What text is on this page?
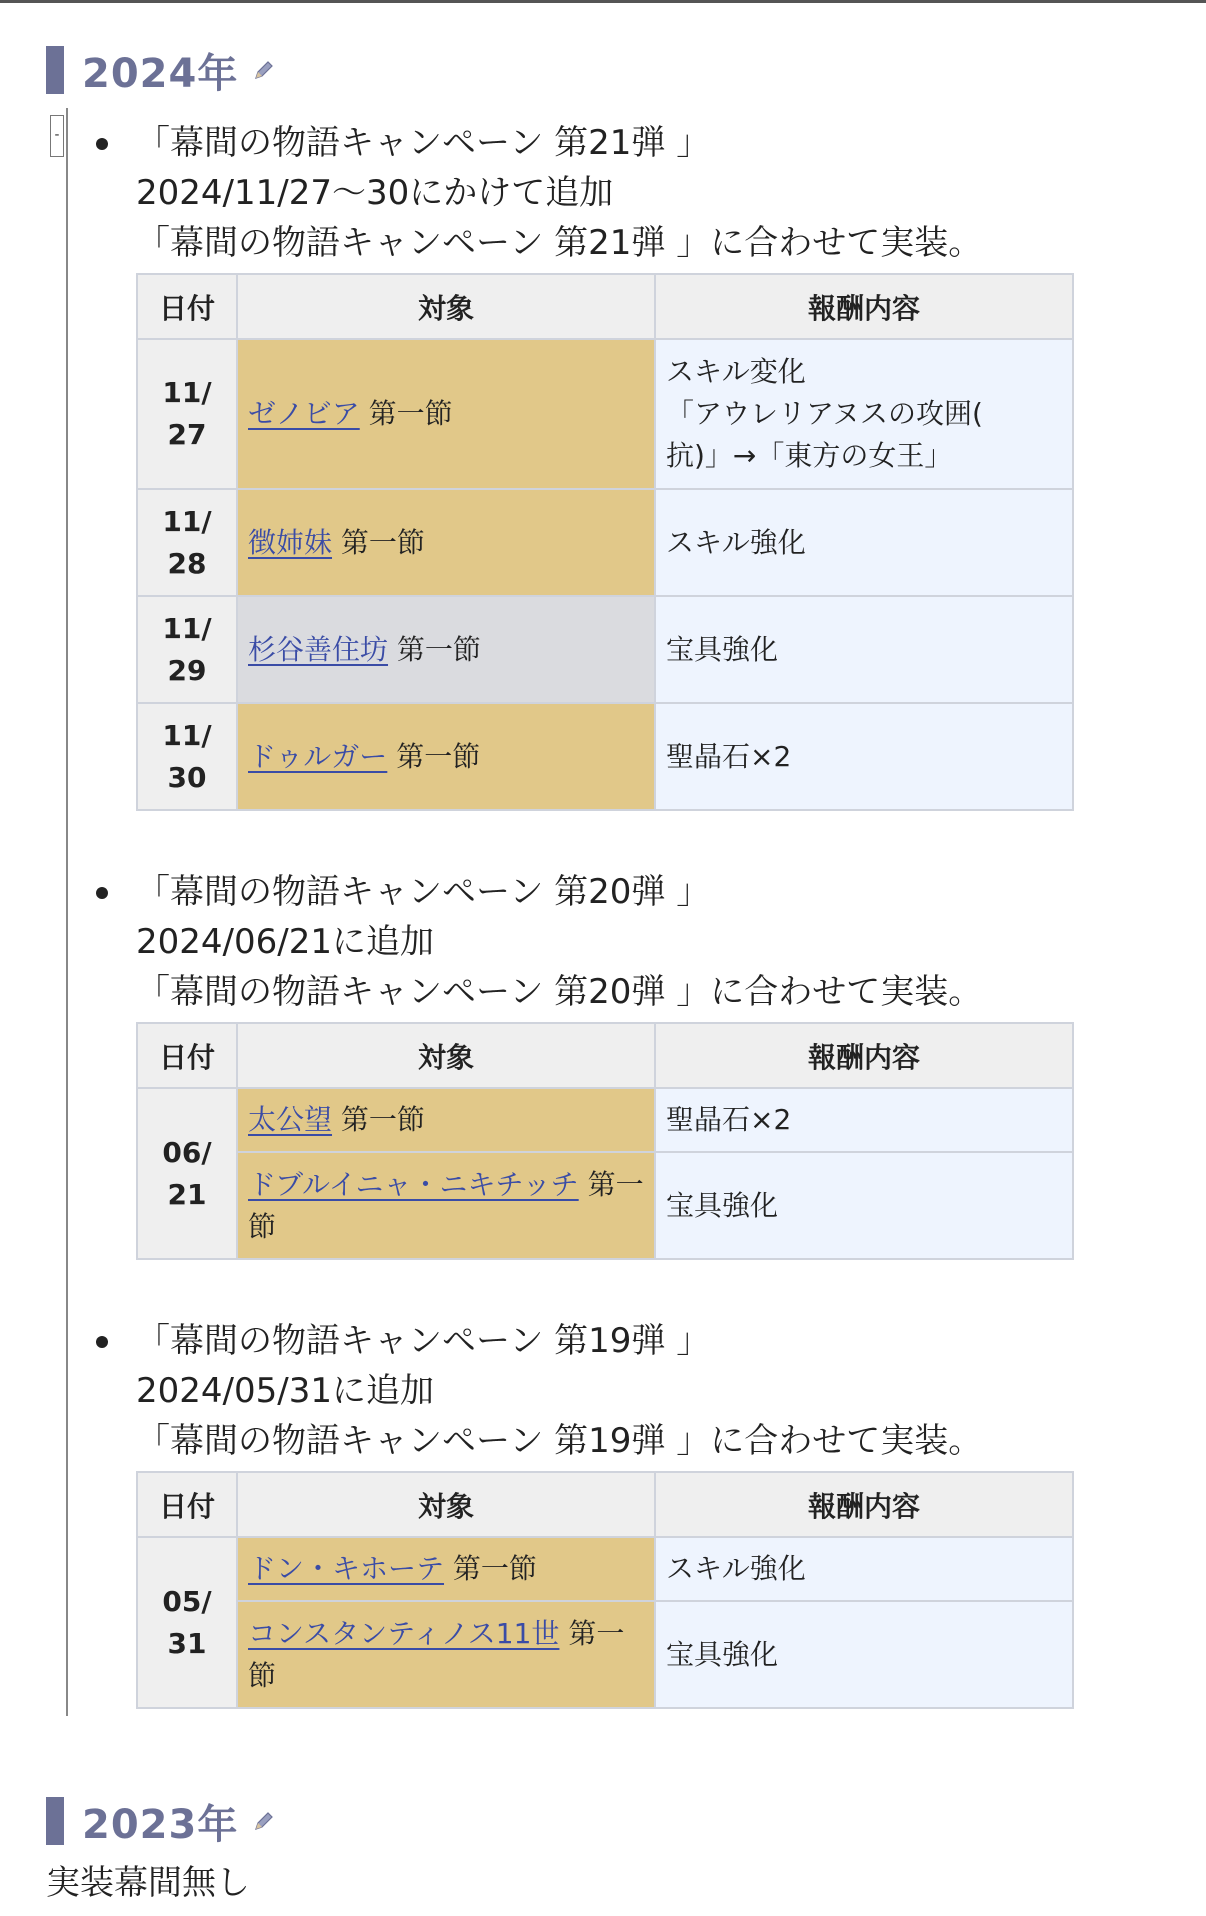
2024年
- 「幕間の物語キャンペーン 第21弾 」
2024/11/27〜30にかけて追加
「幕間の物語キャンペーン 第21弾 」に合わせて実装。
日付	対象	報酬内容
11/
27	ゼノビア 第一節	スキル変化
「アウレリアヌスの攻囲(
抗)」→「東方の女王」
11/
28	徴姉妹 第一節	スキル強化
11/
29	杉谷善住坊 第一節	宝具強化
11/
30	ドゥルガー 第一節	聖晶石×2
「幕間の物語キャンペーン 第20弾 」
2024/06/21に追加
「幕間の物語キャンペーン 第20弾 」に合わせて実装。
日付	対象	報酬内容
06/
21	太公望 第一節	聖晶石×2
	ドブルイニャ・ニキチッチ 第一節	宝具強化
「幕間の物語キャンペーン 第19弾 」
2024/05/31に追加
「幕間の物語キャンペーン 第19弾 」に合わせて実装。
日付	対象	報酬内容
05/
31	ドン・キホーテ 第一節	スキル強化
	コンスタンティノス11世 第一節	宝具強化
2023年
実装幕間無し
